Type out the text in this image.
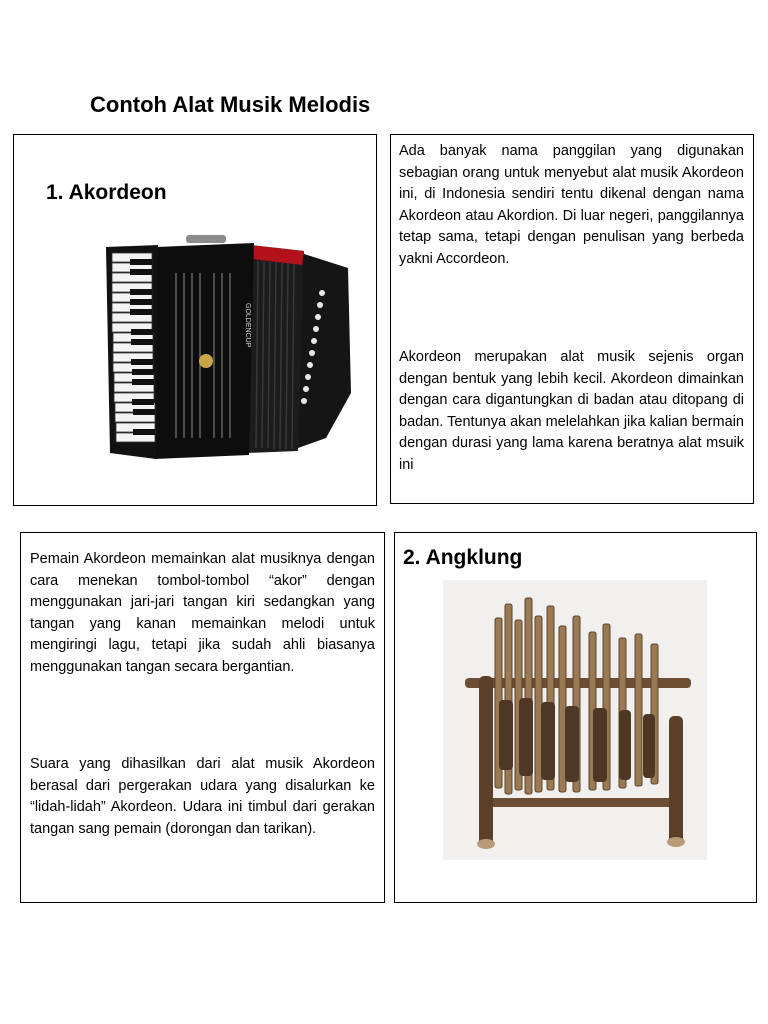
Contoh Alat Musik Melodis
1. Akordeon
GOLDENCUP

Ada banyak nama panggilan yang digunakan sebagian orang untuk menyebut alat musik Akordeon ini, di Indonesia sendiri tentu dikenal dengan nama Akordeon atau Akordion. Di luar negeri, panggilannya tetap sama, tetapi dengan penulisan yang berbeda yakni Accordeon.

Akordeon merupakan alat musik sejenis organ dengan bentuk yang lebih kecil. Akordeon dimainkan dengan cara digantungkan di badan atau ditopang di badan. Tentunya akan melelahkan jika kalian bermain dengan durasi yang lama karena beratnya alat msuik ini

Pemain Akordeon memainkan alat musiknya dengan cara menekan tombol-tombol “akor” dengan menggunakan jari-jari tangan kiri sedangkan yang tangan yang kanan memainkan melodi untuk mengiringi lagu, tetapi jika sudah ahli biasanya menggunakan tangan secara bergantian.

Suara yang dihasilkan dari alat musik Akordeon berasal dari pergerakan udara yang disalurkan ke “lidah-lidah” Akordeon. Udara ini timbul dari gerakan tangan sang pemain (dorongan dan tarikan).

2. Angklung
